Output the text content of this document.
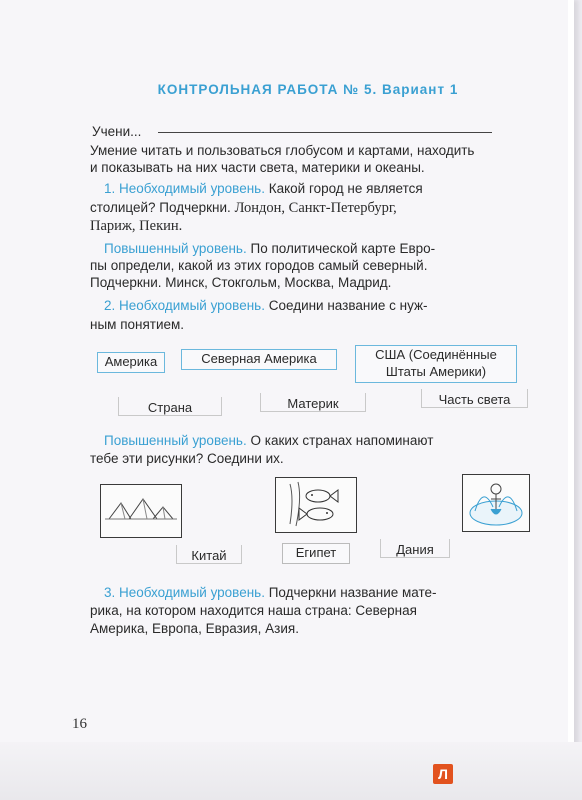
КОНТРОЛЬНАЯ РАБОТА № 5. Вариант 1
Учени...
Умение читать и пользоваться глобусом и картами, находить
и показывать на них части света, материки и океаны.
1. Необходимый уровень. Какой город не является
столицей? Подчеркни. Лондон, Санкт-Петербург,
Париж, Пекин.
Повышенный уровень. По политической карте Евро-
пы определи, какой из этих городов самый северный.
Подчеркни. Минск, Стокгольм, Москва, Мадрид.
2. Необходимый уровень. Соедини название с нуж-
ным понятием.
Америка	Северная Америка	США (Соединённые
Штаты Америки)
Страна	Материк	Часть света
Повышенный уровень. О каких странах напоминают
тебе эти рисунки? Соедини их.
Китай	Египет	Дания
3. Необходимый уровень. Подчеркни название мате-
рика, на котором находится наша страна: Северная
Америка, Европа, Евразия, Азия.
16
Л
